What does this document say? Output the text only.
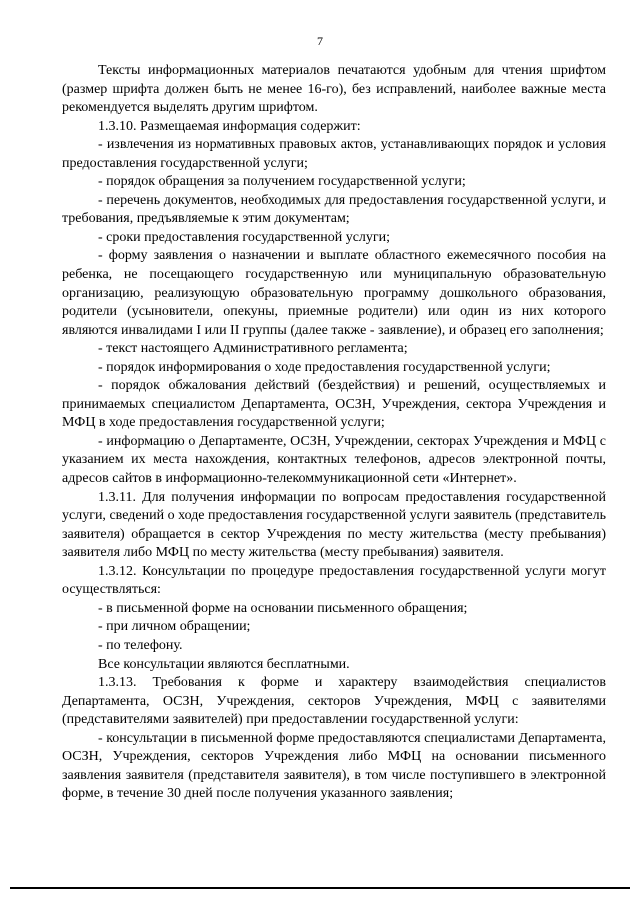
7

Тексты информационных материалов печатаются удобным для чтения шрифтом (размер шрифта должен быть не менее 16-го), без исправлений, наиболее важные места рекомендуется выделять другим шрифтом.

1.3.10. Размещаемая информация содержит:

- извлечения из нормативных правовых актов, устанавливающих порядок и условия предоставления государственной услуги;

- порядок обращения за получением государственной услуги;

- перечень документов, необходимых для предоставления государственной услуги, и требования, предъявляемые к этим документам;

- сроки предоставления государственной услуги;

- форму заявления о назначении и выплате областного ежемесячного пособия на ребенка, не посещающего государственную или муниципальную образовательную организацию, реализующую образовательную программу дошкольного образования, родители (усыновители, опекуны, приемные родители) или один из них которого являются инвалидами I или II группы (далее также - заявление), и образец его заполнения;

- текст настоящего Административного регламента;

- порядок информирования о ходе предоставления государственной услуги;

- порядок обжалования действий (бездействия) и решений, осуществляемых и принимаемых специалистом Департамента, ОСЗН, Учреждения, сектора Учреждения и МФЦ в ходе предоставления государственной услуги;

- информацию о Департаменте, ОСЗН, Учреждении, секторах Учреждения и МФЦ с указанием их места нахождения, контактных телефонов, адресов электронной почты, адресов сайтов в информационно-телекоммуникационной сети «Интернет».

1.3.11. Для получения информации по вопросам предоставления государственной услуги, сведений о ходе предоставления государственной услуги заявитель (представитель заявителя) обращается в сектор Учреждения по месту жительства (месту пребывания) заявителя либо МФЦ по месту жительства (месту пребывания) заявителя.

1.3.12. Консультации по процедуре предоставления государственной услуги могут осуществляться:

- в письменной форме на основании письменного обращения;

- при личном обращении;

- по телефону.

Все консультации являются бесплатными.

1.3.13. Требования к форме и характеру взаимодействия специалистов Департамента, ОСЗН, Учреждения, секторов Учреждения, МФЦ с заявителями (представителями заявителей) при предоставлении государственной услуги:

- консультации в письменной форме предоставляются специалистами Департамента, ОСЗН, Учреждения, секторов Учреждения либо МФЦ на основании письменного заявления заявителя (представителя заявителя), в том числе поступившего в электронной форме, в течение 30 дней после получения указанного заявления;
